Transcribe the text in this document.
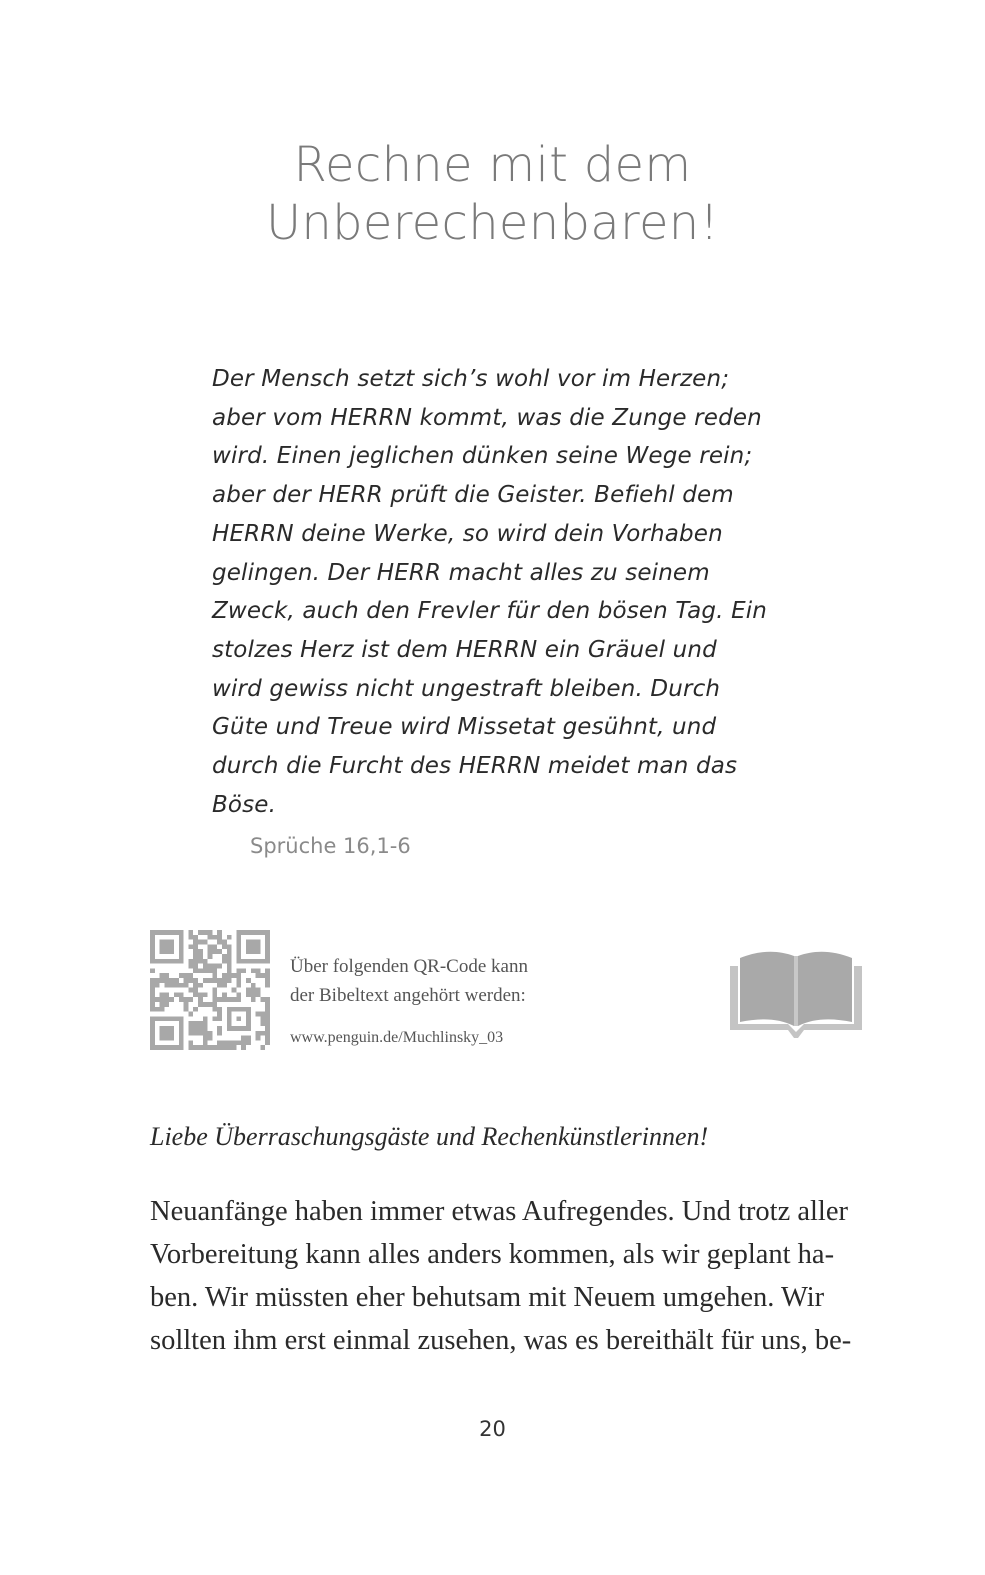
Rechne mit dem
Unberechenbaren!
Der Mensch setzt sich’s wohl vor im Herzen;
aber vom HERRN kommt, was die Zunge reden
wird. Einen jeglichen dünken seine Wege rein;
aber der HERR prüft die Geister. Befiehl dem
HERRN deine Werke, so wird dein Vorhaben
gelingen. Der HERR macht alles zu seinem
Zweck, auch den Frevler für den bösen Tag. Ein
stolzes Herz ist dem HERRN ein Gräuel und
wird gewiss nicht ungestraft bleiben. Durch
Güte und Treue wird Missetat gesühnt, und
durch die Furcht des HERRN meidet man das
Böse.
Sprüche 16,1-6
Über folgenden QR-Code kann
der Bibeltext angehört werden:
www.penguin.de/Muchlinsky_03
Liebe Überraschungsgäste und Rechenkünstlerinnen!
Neuanfänge haben immer etwas Aufregendes. Und trotz aller
Vorbereitung kann alles anders kommen, als wir geplant ha-
ben. Wir müssten eher behutsam mit Neuem umgehen. Wir
sollten ihm erst einmal zusehen, was es bereithält für uns, be-
20
